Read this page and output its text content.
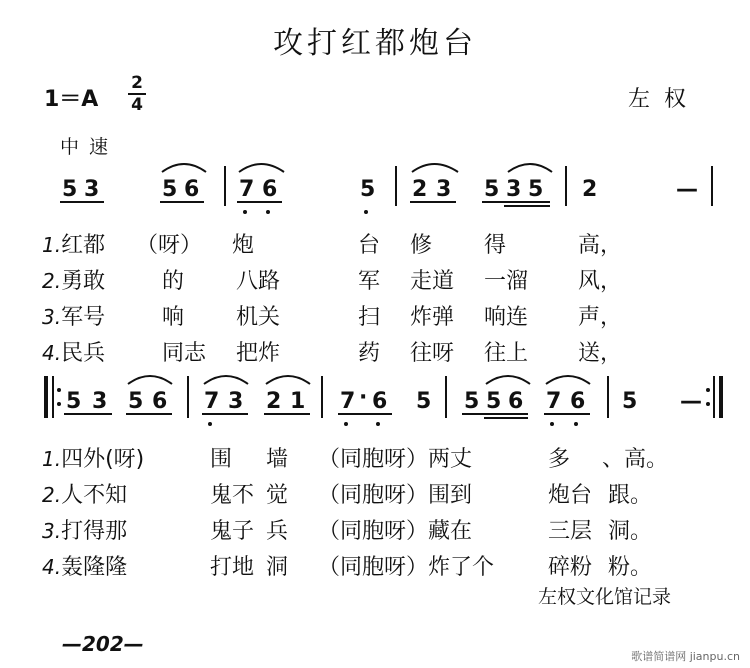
攻打红都炮台
1＝A
2
4	左权
中速
5 3	5 6 7 6	5 2 3 5 3 5 2	—
1.红都 （呀） 炮	台 修 得	高，
2.勇敢	的 八路	军 走道 一溜 风，
3.军号	响 机关	扫 炸弹 响连 声，
4.民兵	同志 把炸	药 往呀 往上 送，
5 3 5 6 7 3 2 1 7 · 6 5 5 5 6 7 6 5 —
1.四外(呀)	围 墙 （同胞呀）两丈	多 、高。
2.人不知	鬼不 觉 （同胞呀）围到	炮台 跟。
3.打得那	鬼子 兵 （同胞呀）藏在	三层 洞。
4.轰隆隆	打地 洞 （同胞呀）炸了个 碎粉 粉。
左权文化馆记录
—202—
歌谱简谱网 jianpu.cn
